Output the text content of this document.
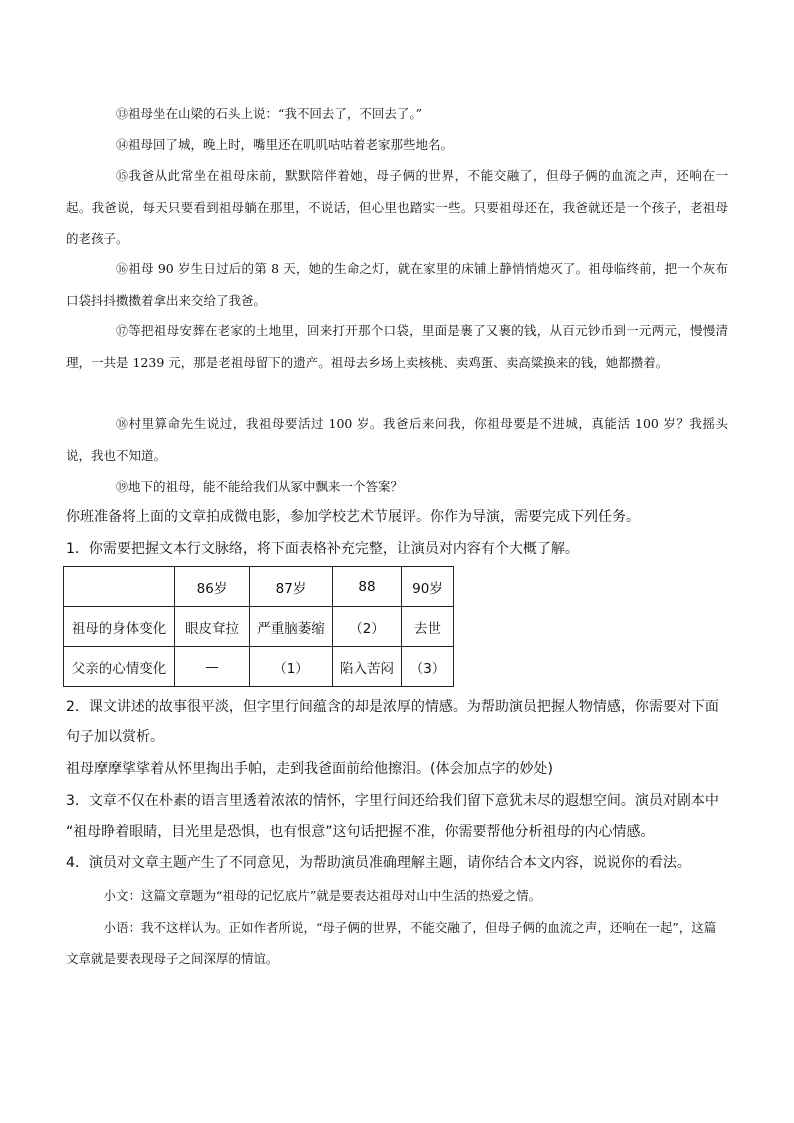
⑬祖母坐在山梁的石头上说：“我不回去了，不回去了。”

⑭祖母回了城，晚上时，嘴里还在叽叽咕咕着老家那些地名。

⑮我爸从此常坐在祖母床前，默默陪伴着她，母子俩的世界，不能交融了，但母子俩的血流之声，还响在一起。我爸说，每天只要看到祖母躺在那里，不说话，但心里也踏实一些。只要祖母还在，我爸就还是一个孩子，老祖母的老孩子。

⑯祖母 90 岁生日过后的第 8 天，她的生命之灯，就在家里的床铺上静悄悄熄灭了。祖母临终前，把一个灰布口袋抖抖擞擞着拿出来交给了我爸。

⑰等把祖母安葬在老家的土地里，回来打开那个口袋，里面是裹了又裹的钱，从百元钞币到一元两元，慢慢清理，一共是 1239 元，那是老祖母留下的遗产。祖母去乡场上卖核桃、卖鸡蛋、卖高粱换来的钱，她都攒着。

⑱村里算命先生说过，我祖母要活过 100 岁。我爸后来问我，你祖母要是不进城，真能活 100 岁？我摇头说，我也不知道。

⑲地下的祖母，能不能给我们从冢中飘来一个答案？

你班准备将上面的文章拍成微电影，参加学校艺术节展评。你作为导演，需要完成下列任务。

1．你需要把握文本行文脉络，将下面表格补充完整，让演员对内容有个大概了解。

	86岁	87岁	88	90岁
祖母的身体变化	眼皮耷拉	严重脑萎缩	（2）	去世
父亲的心情变化	—	（1）	陷入苦闷	（3）

2．课文讲述的故事很平淡，但字里行间蕴含的却是浓厚的情感。为帮助演员把握人物情感，你需要对下面

句子加以赏析。

祖母摩摩挲挲着从怀里掏出手帕，走到我爸面前给他擦泪。(体会加点字的妙处)

3．文章不仅在朴素的语言里透着浓浓的情怀，字里行间还给我们留下意犹未尽的遐想空间。演员对剧本中

“祖母睁着眼睛，目光里是恐惧，也有恨意”这句话把握不准，你需要帮他分析祖母的内心情感。

4．演员对文章主题产生了不同意见，为帮助演员准确理解主题，请你结合本文内容，说说你的看法。

小文：这篇文章题为“祖母的记忆底片”就是要表达祖母对山中生活的热爱之情。

小语：我不这样认为。正如作者所说，“母子俩的世界，不能交融了，但母子俩的血流之声，还响在一起”，这篇文章就是要表现母子之间深厚的情谊。
